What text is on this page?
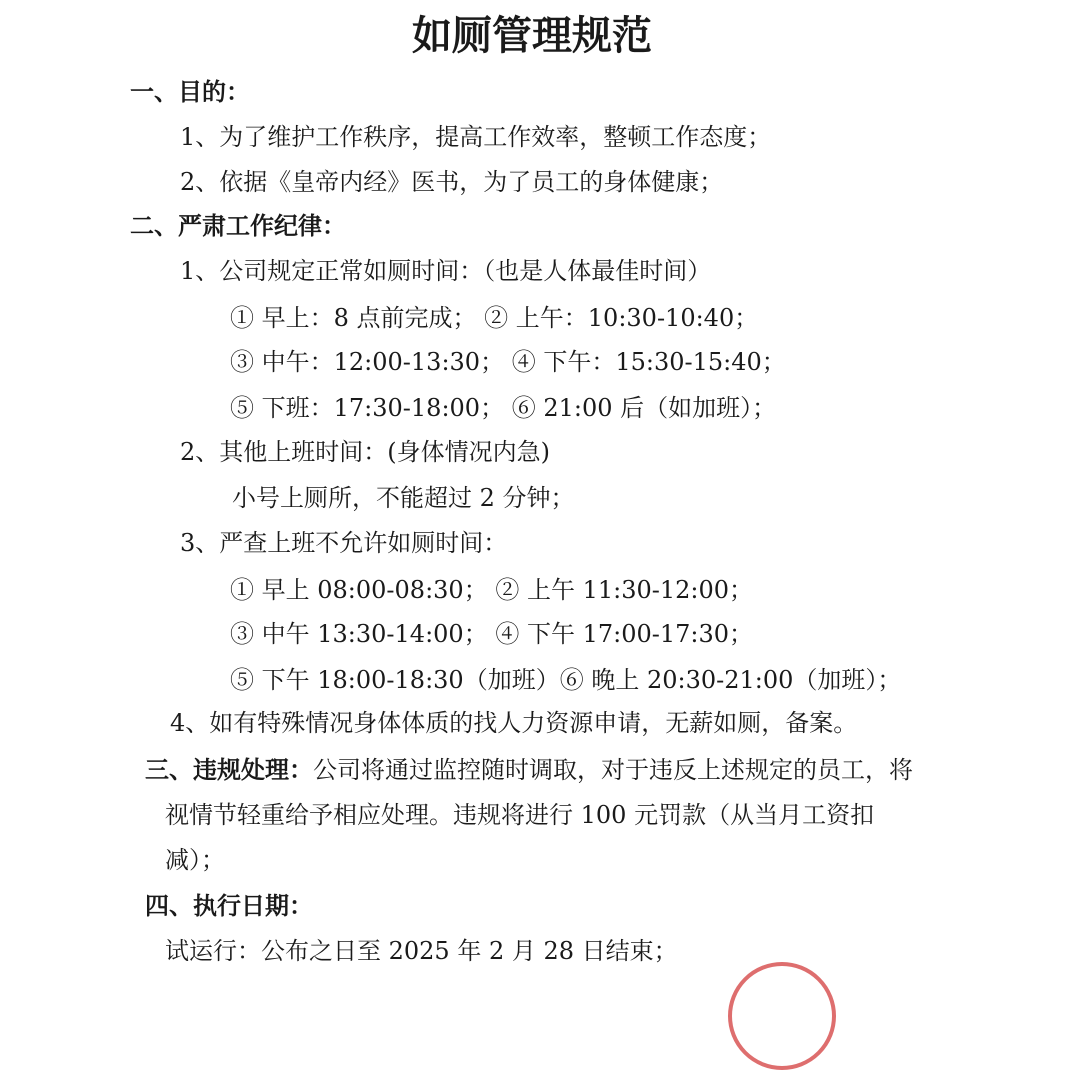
如厕管理规范
一、目的：
1、为了维护工作秩序，提高工作效率，整顿工作态度；
2、依据《皇帝内经》医书，为了员工的身体健康；
二、严肃工作纪律：
1、公司规定正常如厕时间：（也是人体最佳时间）
① 早上：8 点前完成； ② 上午：10:30-10:40；
③ 中午：12:00-13:30； ④ 下午：15:30-15:40；
⑤ 下班：17:30-18:00； ⑥ 21:00 后（如加班）；
2、其他上班时间：(身体情况内急)
小号上厕所，不能超过 2 分钟；
3、严查上班不允许如厕时间：
① 早上 08:00-08:30； ② 上午 11:30-12:00；
③ 中午 13:30-14:00； ④ 下午 17:00-17:30；
⑤ 下午 18:00-18:30（加班）⑥ 晚上 20:30-21:00（加班）；
4、如有特殊情况身体体质的找人力资源申请，无薪如厕，备案。
三、违规处理：公司将通过监控随时调取，对于违反上述规定的员工，将
视情节轻重给予相应处理。违规将进行 100 元罚款（从当月工资扣
减）；
四、执行日期：
试运行：公布之日至 2025 年 2 月 28 日结束；
